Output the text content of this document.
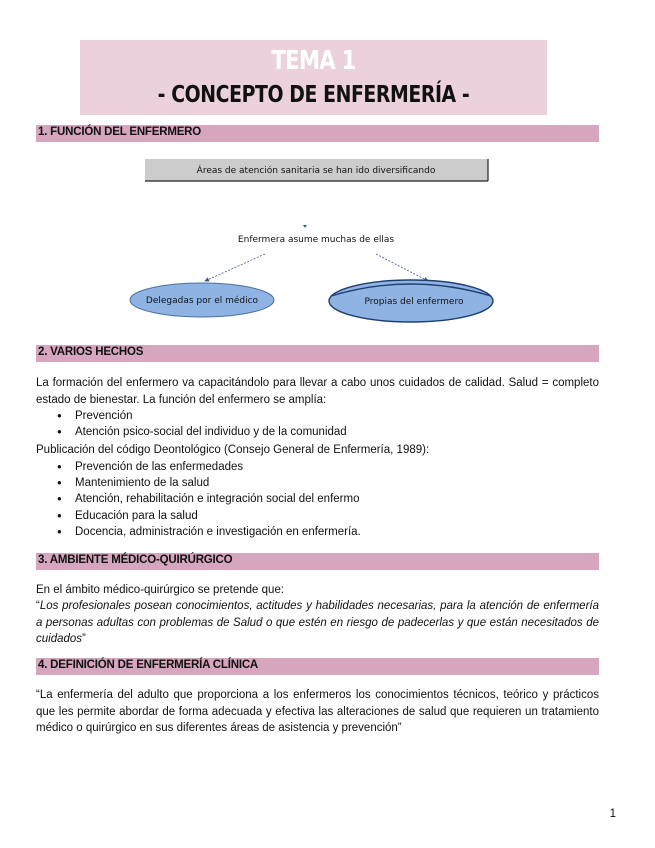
TEMA 1
- CONCEPTO DE ENFERMERÍA -
1. FUNCIÓN DEL ENFERMERO
Áreas de atención sanitaria se han ido diversificando
Enfermera asume muchas de ellas
Delegadas por el médico	Propias del enfermero
2. VARIOS HECHOS
La formación del enfermero va capacitándolo para llevar a cabo unos cuidados de calidad. Salud = completo estado de bienestar. La función del enfermero se amplía:
● Prevención
● Atención psico-social del individuo y de la comunidad
Publicación del código Deontológico (Consejo General de Enfermería, 1989):
● Prevención de las enfermedades
● Mantenimiento de la salud
● Atención, rehabilitación e integración social del enfermo
● Educación para la salud
● Docencia, administración e investigación en enfermería.
3. AMBIENTE MÉDICO-QUIRÚRGICO
En el ámbito médico-quirúrgico se pretende que:
“Los profesionales posean conocimientos, actitudes y habilidades necesarias, para la atención de enfermería a personas adultas con problemas de Salud o que estén en riesgo de padecerlas y que están necesitados de cuidados”
4. DEFINICIÓN DE ENFERMERÍA CLÍNICA
“La enfermería del adulto que proporciona a los enfermeros los conocimientos técnicos, teórico y prácticos que les permite abordar de forma adecuada y efectiva las alteraciones de salud que requieren un tratamiento médico o quirúrgico en sus diferentes áreas de asistencia y prevención”
1
